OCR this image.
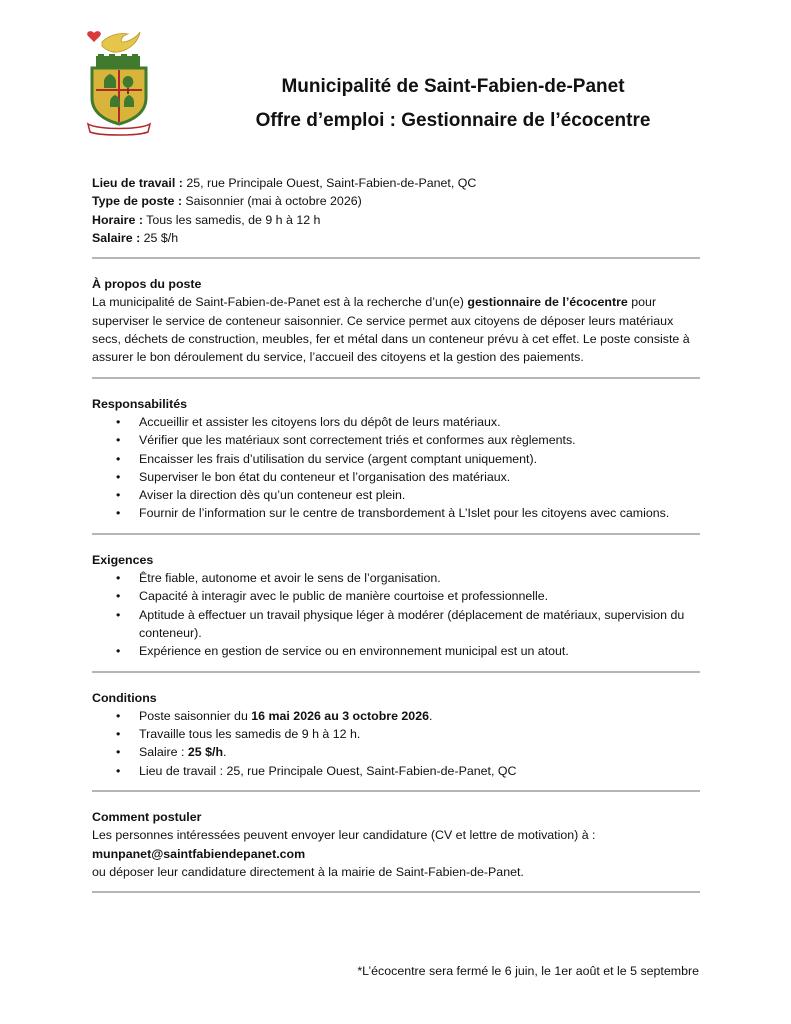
Municipalité de Saint-Fabien-de-Panet
Offre d’emploi : Gestionnaire de l’écocentre
Lieu de travail : 25, rue Principale Ouest, Saint-Fabien-de-Panet, QC
Type de poste : Saisonnier (mai à octobre 2026)
Horaire : Tous les samedis, de 9 h à 12 h
Salaire : 25 $/h
À propos du poste

La municipalité de Saint-Fabien-de-Panet est à la recherche d’un(e) gestionnaire de l’écocentre pour superviser le service de conteneur saisonnier. Ce service permet aux citoyens de déposer leurs matériaux secs, déchets de construction, meubles, fer et métal dans un conteneur prévu à cet effet. Le poste consiste à assurer le bon déroulement du service, l’accueil des citoyens et la gestion des paiements.

Responsabilités
• Accueillir et assister les citoyens lors du dépôt de leurs matériaux.
• Vérifier que les matériaux sont correctement triés et conformes aux règlements.
• Encaisser les frais d’utilisation du service (argent comptant uniquement).
• Superviser le bon état du conteneur et l’organisation des matériaux.
• Aviser la direction dès qu’un conteneur est plein.
• Fournir de l’information sur le centre de transbordement à L’Islet pour les citoyens avec camions.
Exigences
• Être fiable, autonome et avoir le sens de l’organisation.
• Capacité à interagir avec le public de manière courtoise et professionnelle.
• Aptitude à effectuer un travail physique léger à modérer (déplacement de matériaux, supervision du conteneur).
• Expérience en gestion de service ou en environnement municipal est un atout.
Conditions
• Poste saisonnier du 16 mai 2026 au 3 octobre 2026.
• Travaille tous les samedis de 9 h à 12 h.
• Salaire : 25 $/h.
• Lieu de travail : 25, rue Principale Ouest, Saint-Fabien-de-Panet, QC
Comment postuler
Les personnes intéressées peuvent envoyer leur candidature (CV et lettre de motivation) à :
munpanet@saintfabiendepanet.com
ou déposer leur candidature directement à la mairie de Saint-Fabien-de-Panet.
*L’écocentre sera fermé le 6 juin, le 1er août et le 5 septembre
